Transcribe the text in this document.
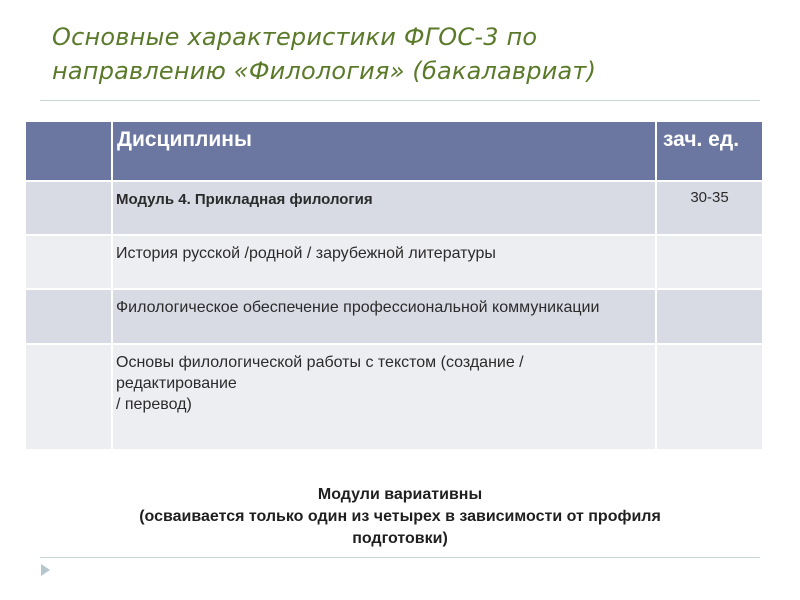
Основные характеристики ФГОС-3 по
направлению «Филология» (бакалавриат)
	Дисциплины	зач. ед.

	Модуль 4. Прикладная филология	30-35

	История русской /родной / зарубежной литературы	

	Филологическое обеспечение профессиональной коммуникации	

	Основы филологической работы с текстом (создание /
редактирование
/ перевод)	

Модули вариативны
(осваивается только один из четырех в зависимости от профиля
подготовки)
